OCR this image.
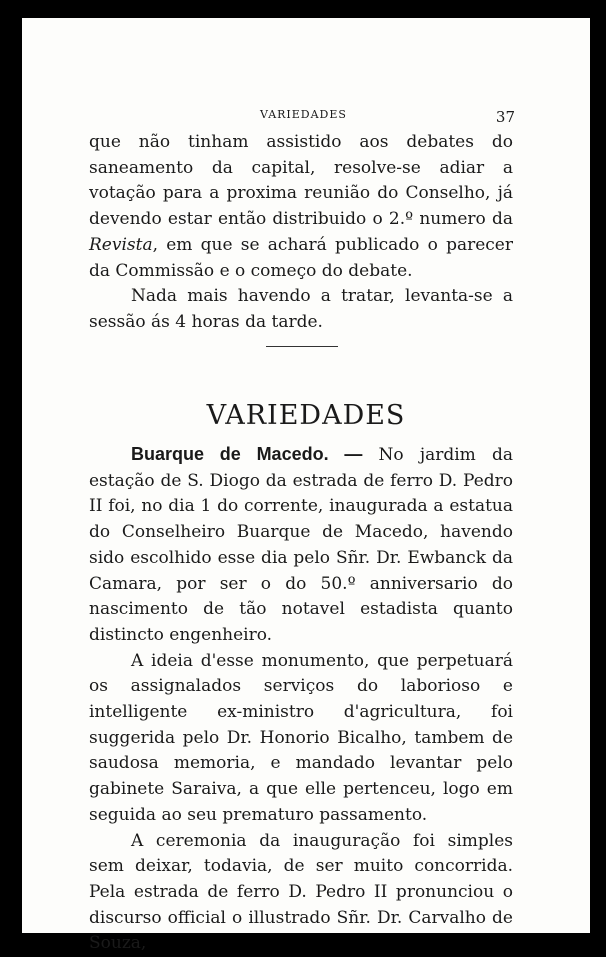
VARIEDADES	37

que não tinham assistido aos debates do saneamento da capital, resolve-se adiar a votação para a proxima reunião do Conselho, já devendo estar então distribuido o 2.º numero da Revista, em que se achará publicado o parecer da Commissão e o começo do debate.

Nada mais havendo a tratar, levanta-se a sessão ás 4 horas da tarde.

VARIEDADES

Buarque de Macedo. — No jardim da estação de S. Diogo da estrada de ferro D. Pedro II foi, no dia 1 do corrente, inaugurada a estatua do Conselheiro Buarque de Macedo, havendo sido escolhido esse dia pelo Sñr. Dr. Ewbanck da Camara, por ser o do 50.º anniversario do nascimento de tão notavel estadista quanto distincto engenheiro.

A ideia d'esse monumento, que perpetuará os assignalados serviços do laborioso e intelligente ex-ministro d'agricultura, foi suggerida pelo Dr. Honorio Bicalho, tambem de saudosa memoria, e mandado levantar pelo gabinete Saraiva, a que elle pertenceu, logo em seguida ao seu prematuro passamento.

A ceremonia da inauguração foi simples sem deixar, todavia, de ser muito concorrida. Pela estrada de ferro D. Pedro II pronunciou o discurso official o illustrado Sñr. Dr. Carvalho de Souza,
